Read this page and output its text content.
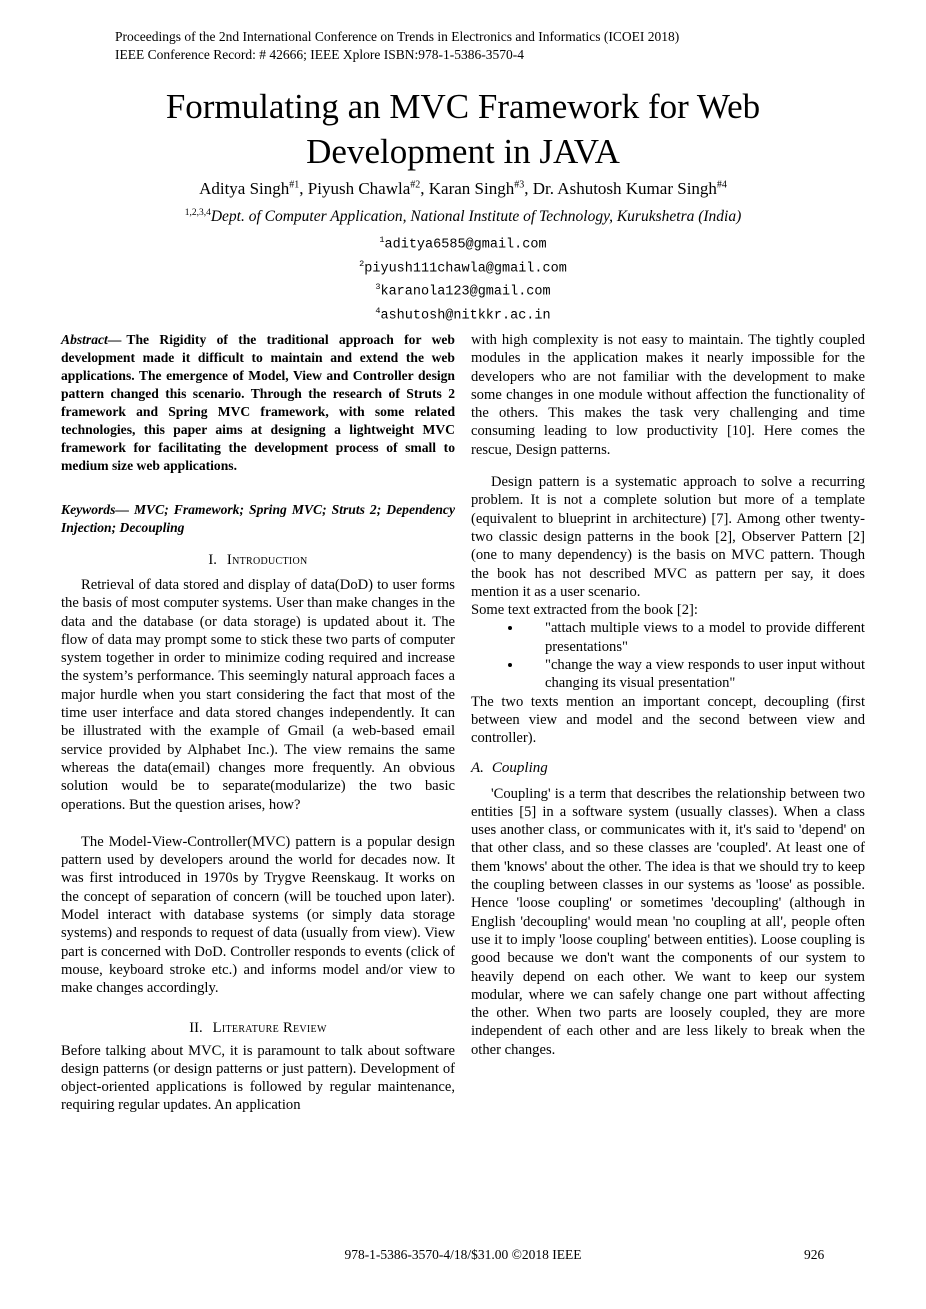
Proceedings of the 2nd International Conference on Trends in Electronics and Informatics (ICOEI 2018)
IEEE Conference Record: # 42666; IEEE Xplore ISBN:978-1-5386-3570-4
Formulating an MVC Framework for Web Development in JAVA
Aditya Singh$^{\#1}$, Piyush Chawla$^{\#2}$, Karan Singh$^{\#3}$, Dr. Ashutosh Kumar Singh$^{\#4}$
$^{1,2,3,4}$Dept. of Computer Application, National Institute of Technology, Kurukshetra (India)
$^1$aditya6585@gmail.com
$^2$piyush111chawla@gmail.com
$^3$karanola123@gmail.com
$^4$ashutosh@nitkkr.ac.in

Abstract— The Rigidity of the traditional approach for web development made it difficult to maintain and extend the web applications. The emergence of Model, View and Controller design pattern changed this scenario. Through the research of Struts 2 framework and Spring MVC framework, with some related technologies, this paper aims at designing a lightweight MVC framework for facilitating the development process of small to medium size web applications.

Keywords— MVC; Framework; Spring MVC; Struts 2; Dependency Injection; Decoupling

I. Introduction

Retrieval of data stored and display of data(DoD) to user forms the basis of most computer systems. User than make changes in the data and the database (or data storage) is updated about it. The flow of data may prompt some to stick these two parts of computer system together in order to minimize coding required and increase the system’s performance. This seemingly natural approach faces a major hurdle when you start considering the fact that most of the time user interface and data stored changes independently. It can be illustrated with the example of Gmail (a web-based email service provided by Alphabet Inc.). The view remains the same whereas the data(email) changes more frequently. An obvious solution would be to separate(modularize) the two basic operations. But the question arises, how?

The Model-View-Controller(MVC) pattern is a popular design pattern used by developers around the world for decades now. It was first introduced in 1970s by Trygve Reenskaug. It works on the concept of separation of concern (will be touched upon later). Model interact with database systems (or simply data storage systems) and responds to request of data (usually from view). View part is concerned with DoD. Controller responds to events (click of mouse, keyboard stroke etc.) and informs model and/or view to make changes accordingly.

II. Literature Review

Before talking about MVC, it is paramount to talk about software design patterns (or design patterns or just pattern). Development of object-oriented applications is followed by regular maintenance, requiring regular updates. An application

with high complexity is not easy to maintain. The tightly coupled modules in the application makes it nearly impossible for the developers who are not familiar with the development to make some changes in one module without affection the functionality of the others. This makes the task very challenging and time consuming leading to low productivity [10]. Here comes the rescue, Design patterns.

Design pattern is a systematic approach to solve a recurring problem. It is not a complete solution but more of a template (equivalent to blueprint in architecture) [7]. Among other twenty-two classic design patterns in the book [2], Observer Pattern [2] (one to many dependency) is the basis on MVC pattern. Though the book has not described MVC as pattern per say, it does mention it as a user scenario.

Some text extracted from the book [2]:

• "attach multiple views to a model to provide different presentations"
• "change the way a view responds to user input without changing its visual presentation"

The two texts mention an important concept, decoupling (first between view and model and the second between view and controller).

A. Coupling

'Coupling' is a term that describes the relationship between two entities [5] in a software system (usually classes). When a class uses another class, or communicates with it, it's said to 'depend' on that other class, and so these classes are 'coupled'. At least one of them 'knows' about the other. The idea is that we should try to keep the coupling between classes in our systems as 'loose' as possible. Hence 'loose coupling' or sometimes 'decoupling' (although in English 'decoupling' would mean 'no coupling at all', people often use it to imply 'loose coupling' between entities). Loose coupling is good because we don't want the components of our system to heavily depend on each other. We want to keep our system modular, where we can safely change one part without affecting the other. When two parts are loosely coupled, they are more independent of each other and are less likely to break when the other changes.

978-1-5386-3570-4/18/$31.00 ©2018 IEEE	926
